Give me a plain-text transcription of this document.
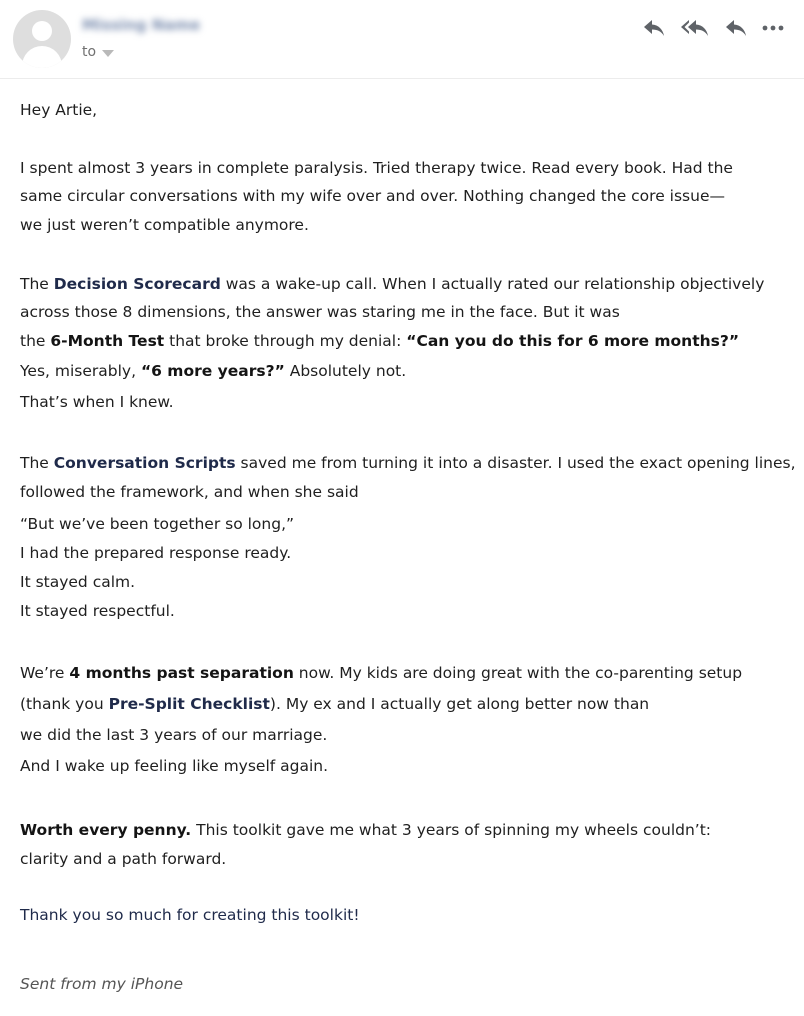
Missing Name
to
Hey Artie,
I spent almost 3 years in complete paralysis. Tried therapy twice. Read every book. Had the
same circular conversations with my wife over and over. Nothing changed the core issue—
we just weren’t compatible anymore.
The Decision Scorecard was a wake-up call. When I actually rated our relationship objectively
across those 8 dimensions, the answer was staring me in the face. But it was
the 6-Month Test that broke through my denial: “Can you do this for 6 more months?”
Yes, miserably, “6 more years?” Absolutely not.
That’s when I knew.
The Conversation Scripts saved me from turning it into a disaster. I used the exact opening lines,
followed the framework, and when she said
“But we’ve been together so long,”
I had the prepared response ready.
It stayed calm.
It stayed respectful.
We’re 4 months past separation now. My kids are doing great with the co-parenting setup
(thank you Pre-Split Checklist). My ex and I actually get along better now than
we did the last 3 years of our marriage.
And I wake up feeling like myself again.
Worth every penny. This toolkit gave me what 3 years of spinning my wheels couldn’t:
clarity and a path forward.
Thank you so much for creating this toolkit!
Sent from my iPhone
